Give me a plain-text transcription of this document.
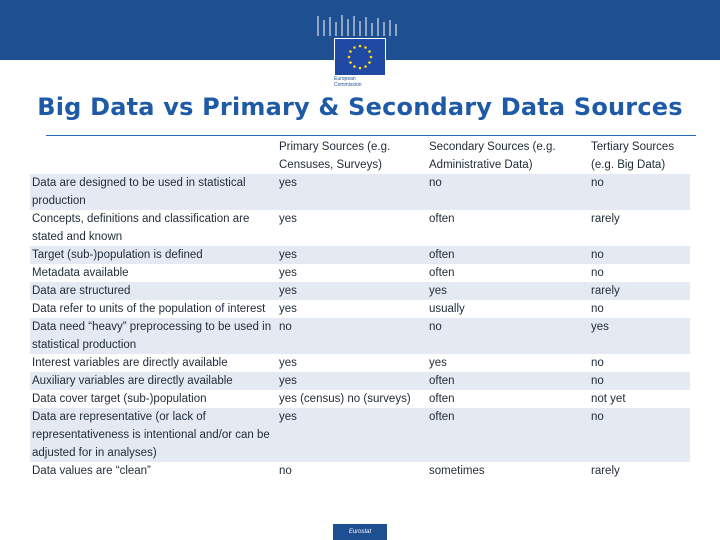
European
Commission
Big Data vs Primary & Secondary Data Sources
	Primary Sources (e.g. Censuses, Surveys)	Secondary Sources (e.g. Administrative Data)	Tertiary Sources (e.g. Big Data)
Data are designed to be used in statistical production	yes	no	no
Concepts, definitions and classification are stated and known	yes	often	rarely
Target (sub-)population is defined	yes	often	no
Metadata available	yes	often	no
Data are structured	yes	yes	rarely
Data refer to units of the population of interest	yes	usually	no
Data need “heavy” preprocessing to be used in statistical production	no	no	yes
Interest variables are directly available	yes	yes	no
Auxiliary variables are directly available	yes	often	no
Data cover target (sub-)population	yes (census) no (surveys)	often	not yet
Data are representative (or lack of representativeness is intentional and/or can be adjusted for in analyses)	yes	often	no
Data values are “clean”	no	sometimes	rarely
Eurostat
